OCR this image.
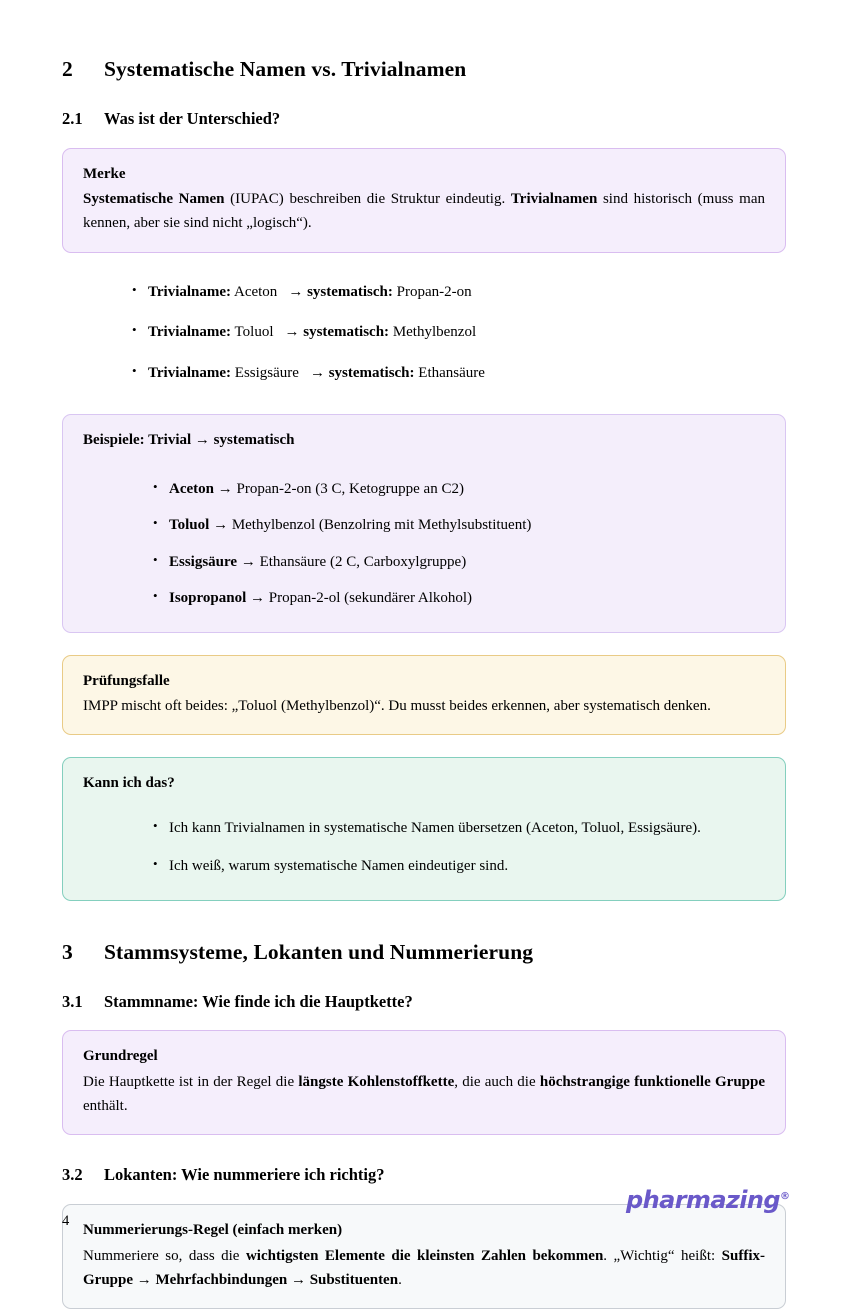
2	Systematische Namen vs. Trivialnamen
2.1	Was ist der Unterschied?
Merke
Systematische Namen (IUPAC) beschreiben die Struktur eindeutig. Trivialnamen sind historisch (muss man kennen, aber sie sind nicht „logisch“).
• Trivialname: Aceton → systematisch: Propan-2-on
• Trivialname: Toluol → systematisch: Methylbenzol
• Trivialname: Essigsäure → systematisch: Ethansäure
Beispiele: Trivial → systematisch
• Aceton → Propan-2-on (3 C, Ketogruppe an C2)
• Toluol → Methylbenzol (Benzolring mit Methylsubstituent)
• Essigsäure → Ethansäure (2 C, Carboxylgruppe)
• Isopropanol → Propan-2-ol (sekundärer Alkohol)
Prüfungsfalle
IMPP mischt oft beides: „Toluol (Methylbenzol)“. Du musst beides erkennen, aber systematisch denken.
Kann ich das?
• Ich kann Trivialnamen in systematische Namen übersetzen (Aceton, Toluol, Essigsäure).
• Ich weiß, warum systematische Namen eindeutiger sind.
3	Stammsysteme, Lokanten und Nummerierung
3.1	Stammname: Wie finde ich die Hauptkette?
Grundregel
Die Hauptkette ist in der Regel die längste Kohlenstoffkette, die auch die höchstrangige funktionelle Gruppe enthält.
3.2	Lokanten: Wie nummeriere ich richtig?
Nummerierungs-Regel (einfach merken)
Nummeriere so, dass die wichtigsten Elemente die kleinsten Zahlen bekommen. „Wichtig“ heißt: Suffix-Gruppe → Mehrfachbindungen → Substituenten.
4
pharmazing®
